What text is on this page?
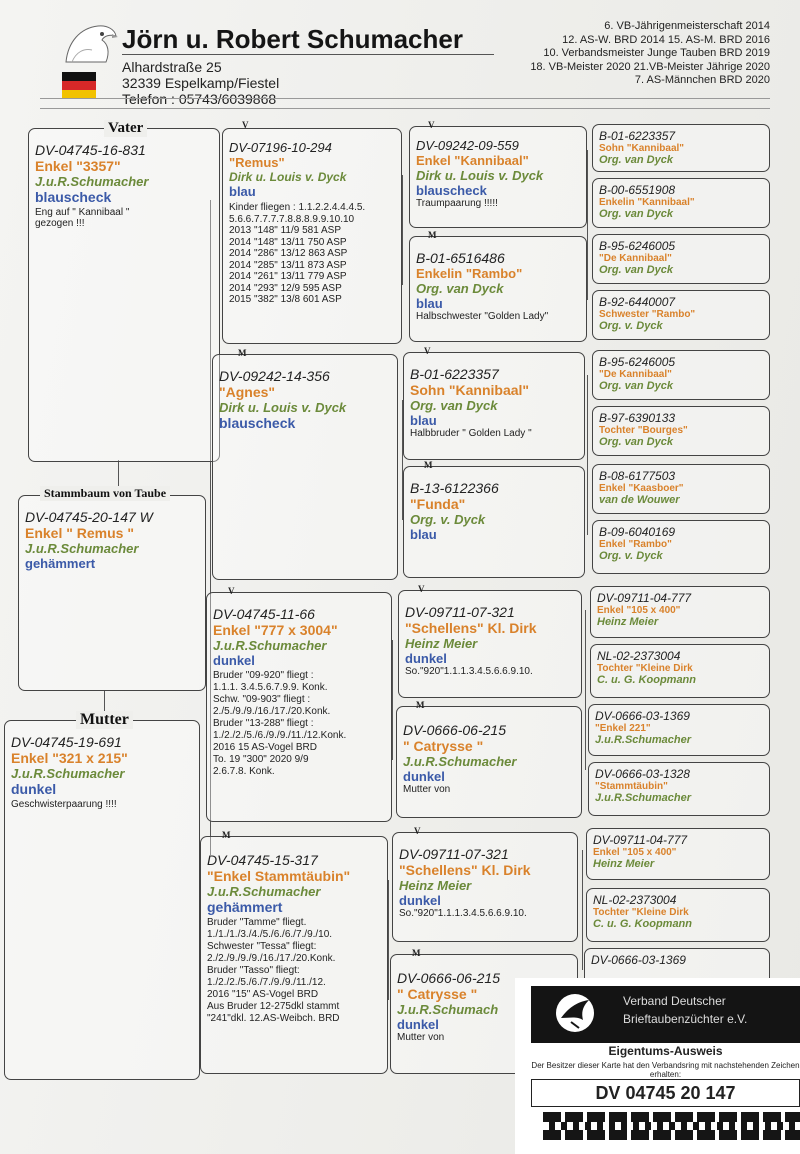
Jörn u. Robert Schumacher
Alhardstraße 25
32339 Espelkamp/Fiestel
Telefon : 05743/6039868
6. VB-Jährigenmeisterschaft 2014
12. AS-W. BRD 2014 15. AS-M. BRD 2016
10. Verbandsmeister Junge Tauben BRD 2019
18. VB-Meister 2020 21.VB-Meister Jährige 2020
7. AS-Männchen BRD 2020
DV-04745-16-831
Enkel "3357"
J.u.R.Schumacher
blauscheck
Eng auf " Kannibaal "
gezogen !!!
Vater
DV-04745-20-147 W
Enkel " Remus "
J.u.R.Schumacher
gehämmert
Stammbaum von Taube
DV-04745-19-691
Enkel "321 x 215"
J.u.R.Schumacher
dunkel
Geschwisterpaarung !!!!
Mutter
DV-07196-10-294
"Remus"
Dirk u. Louis v. Dyck
blau
Kinder fliegen : 1.1.2.2.4.4.4.5.
5.6.6.7.7.7.7.8.8.8.9.9.10.10
2013 "148" 11/9 581 ASP
2014 "148" 13/11 750 ASP
2014 "286" 13/12 863 ASP
2014 "285" 13/11 873 ASP
2014 "261" 13/11 779 ASP
2014 "293" 12/9 595 ASP
2015 "382" 13/8 601 ASP
V
DV-09242-14-356
"Agnes"
Dirk u. Louis v. Dyck
blauscheck
M
DV-04745-11-66
Enkel "777 x 3004"
J.u.R.Schumacher
dunkel
Bruder "09-920" fliegt :
1.1.1. 3.4.5.6.7.9.9. Konk.
Schw. "09-903" fliegt :
2./5./9./9./16./17./20.Konk.
Bruder "13-288" fliegt :
1./2./2./5./6./9./9./11./12.Konk.
2016 15 AS-Vogel BRD
To. 19 "300" 2020 9/9
2.6.7.8. Konk.
V
DV-04745-15-317
"Enkel Stammtäubin"
J.u.R.Schumacher
gehämmert
Bruder "Tamme" fliegt.
1./1./1./3./4./5./6./6./7./9./10.
Schwester "Tessa" fliegt:
2./2./9./9./9./16./17./20.Konk.
Bruder "Tasso" fliegt:
1./2./2./5./6./7./9./9./11./12.
2016 "15" AS-Vogel BRD
Aus Bruder 12-275dkl stammt
"241"dkl. 12.AS-Weibch. BRD
M
DV-09242-09-559
Enkel "Kannibaal"
Dirk u. Louis v. Dyck
blauscheck
Traumpaarung !!!!!
V
B-01-6516486
Enkelin "Rambo"
Org. van Dyck
blau
Halbschwester "Golden Lady"
M
B-01-6223357
Sohn "Kannibaal"
Org. van Dyck
blau
Halbbruder " Golden Lady "
V
B-13-6122366
"Funda"
Org. v. Dyck
blau
M
DV-09711-07-321
"Schellens" Kl. Dirk
Heinz Meier
dunkel
So."920"1.1.1.3.4.5.6.6.9.10.
V
DV-0666-06-215
" Catrysse "
J.u.R.Schumacher
dunkel
Mutter von
M
DV-09711-07-321
"Schellens" Kl. Dirk
Heinz Meier
dunkel
So."920"1.1.1.3.4.5.6.6.9.10.
V
DV-0666-06-215
" Catrysse "
J.u.R.Schumach
dunkel
Mutter von
M
B-01-6223357
Sohn "Kannibaal"
Org. van Dyck
B-00-6551908
Enkelin "Kannibaal"
Org. van Dyck
B-95-6246005
"De Kannibaal"
Org. van Dyck
B-92-6440007
Schwester "Rambo"
Org. v. Dyck
B-95-6246005
"De Kannibaal"
Org. van Dyck
B-97-6390133
Tochter "Bourges"
Org. van Dyck
B-08-6177503
Enkel "Kaasboer"
van de Wouwer
B-09-6040169
Enkel "Rambo"
Org. v. Dyck
DV-09711-04-777
Enkel "105 x 400"
Heinz Meier
NL-02-2373004
Tochter "Kleine Dirk
C. u. G. Koopmann
DV-0666-03-1369
"Enkel 221"
J.u.R.Schumacher
DV-0666-03-1328
"Stammtäubin"
J.u.R.Schumacher
DV-09711-04-777
Enkel "105 x 400"
Heinz Meier
NL-02-2373004
Tochter "Kleine Dirk
C. u. G. Koopmann
DV-0666-03-1369
Verband Deutscher
Brieftaubenzüchter e.V.
Eigentums-Ausweis
Der Besitzer dieser Karte hat den Verbandsring mit nachstehenden Zeichen erhalten:
DV 04745 20 147
